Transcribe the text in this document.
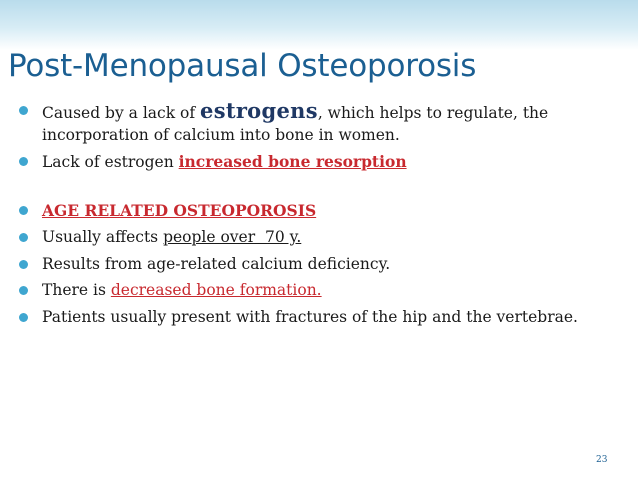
Post-Menopausal Osteoporosis
Caused by a lack of estrogens, which helps to regulate, the incorporation of calcium into bone in women.
Lack of estrogen increased bone resorption
AGE RELATED OSTEOPOROSIS
Usually affects people over  70 y.
Results from age-related calcium deficiency.
There is decreased bone formation.
Patients usually present with fractures of the hip and the vertebrae.
23
